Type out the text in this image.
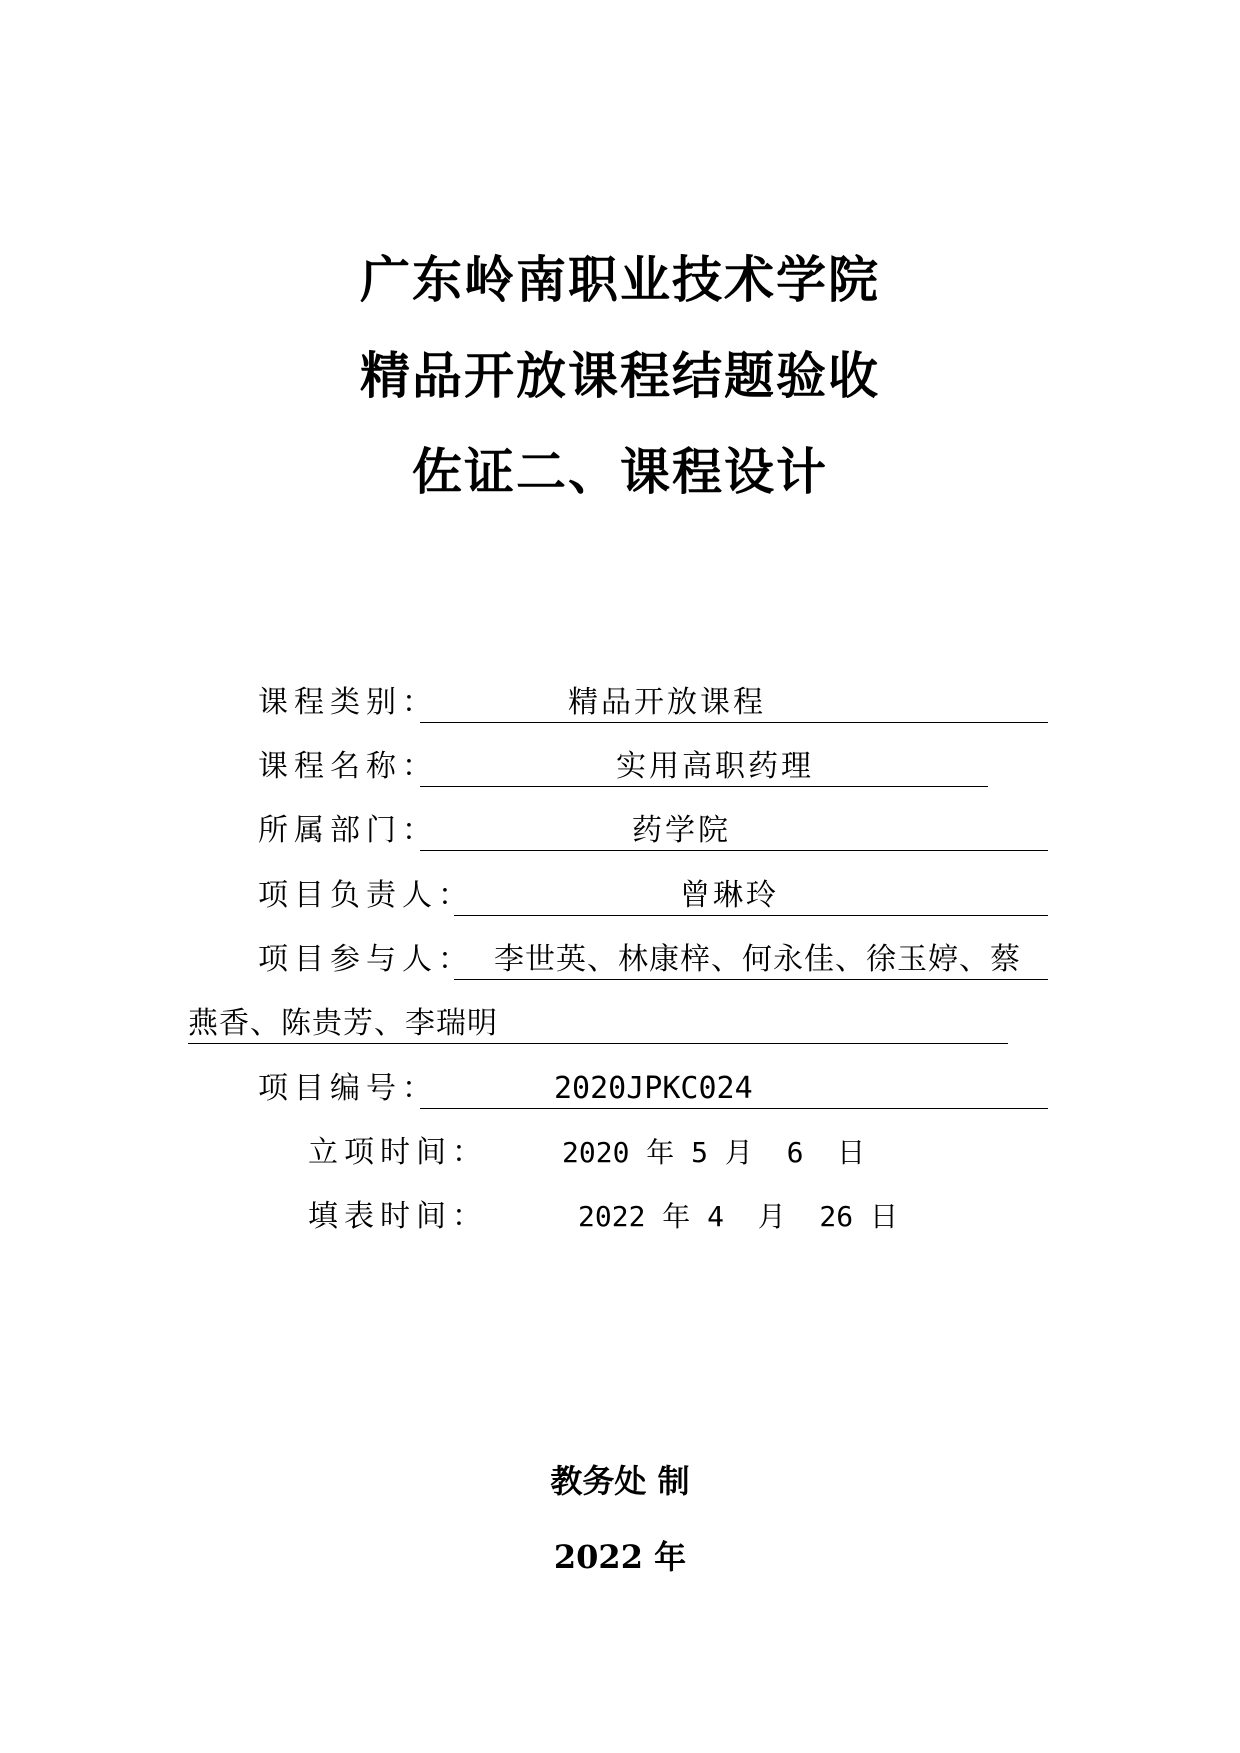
广东岭南职业技术学院
精品开放课程结题验收
佐证二、课程设计
课程类别：	精品开放课程
课程名称：	实用高职药理
所属部门：	药学院
项目负责人：	曾琳玲
项目参与人： 李世英、林康梓、何永佳、徐玉婷、蔡
燕香、陈贵芳、李瑞明
项目编号：	2020JPKC024

立项时间：

	2020 年 5 月  6  日

填表时间：

	2022 年 4  月  26 日

教务处 制
2022 年
